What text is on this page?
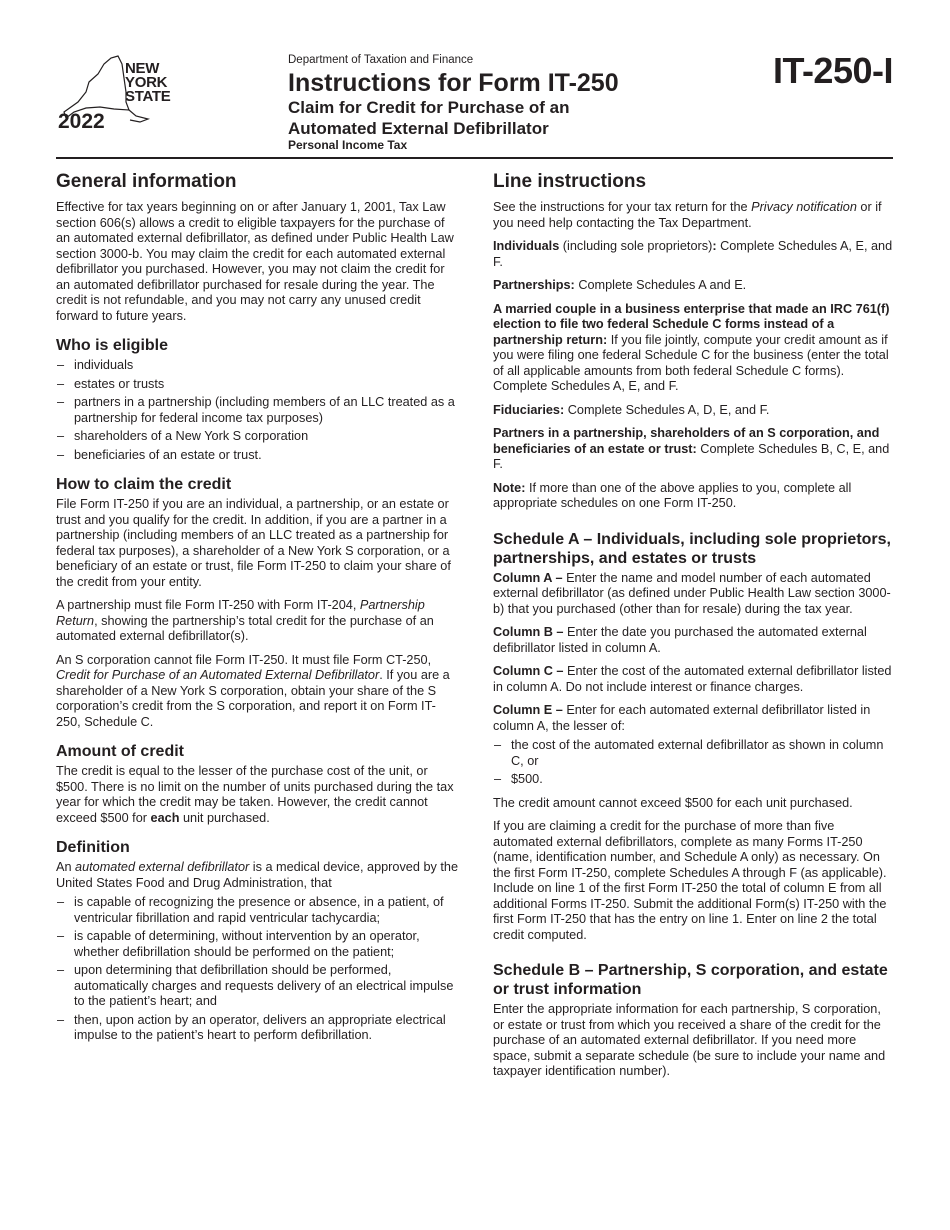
NEW
YORK
STATE
2022
Department of Taxation and Finance
Instructions for Form IT-250
Claim for Credit for Purchase of an Automated External Defibrillator
Personal Income Tax
IT-250-I
General information

Effective for tax years beginning on or after January 1, 2001, Tax Law section 606(s) allows a credit to eligible taxpayers for the purchase of an automated external defibrillator, as defined under Public Health Law section 3000-b. You may claim the credit for each automated external defibrillator you purchased. However, you may not claim the credit for an automated defibrillator purchased for resale during the year. The credit is not refundable, and you may not carry any unused credit forward to future years.

Who is eligible
– individuals
– estates or trusts
– partners in a partnership (including members of an LLC treated as a partnership for federal income tax purposes)
– shareholders of a New York S corporation
– beneficiaries of an estate or trust.
How to claim the credit

File Form IT-250 if you are an individual, a partnership, or an estate or trust and you qualify for the credit. In addition, if you are a partner in a partnership (including members of an LLC treated as a partnership for federal tax purposes), a shareholder of a New York S corporation, or a beneficiary of an estate or trust, file Form IT-250 to claim your share of the credit from your entity.

A partnership must file Form IT-250 with Form IT-204, Partnership Return, showing the partnership’s total credit for the purchase of an automated external defibrillator(s).

An S corporation cannot file Form IT-250. It must file Form CT-250, Credit for Purchase of an Automated External Defibrillator. If you are a shareholder of a New York S corporation, obtain your share of the S corporation’s credit from the S corporation, and report it on Form IT-250, Schedule C.

Amount of credit

The credit is equal to the lesser of the purchase cost of the unit, or $500. There is no limit on the number of units purchased during the tax year for which the credit may be taken. However, the credit cannot exceed $500 for each unit purchased.

Definition

An automated external defibrillator is a medical device, approved by the United States Food and Drug Administration, that

– is capable of recognizing the presence or absence, in a patient, of ventricular fibrillation and rapid ventricular tachycardia;
– is capable of determining, without intervention by an operator, whether defibrillation should be performed on the patient;
– upon determining that defibrillation should be performed, automatically charges and requests delivery of an electrical impulse to the patient’s heart; and
– then, upon action by an operator, delivers an appropriate electrical impulse to the patient’s heart to perform defibrillation.
Line instructions

See the instructions for your tax return for the Privacy notification or if you need help contacting the Tax Department.

Individuals (including sole proprietors): Complete Schedules A, E, and F.

Partnerships: Complete Schedules A and E.

A married couple in a business enterprise that made an IRC 761(f) election to file two federal Schedule C forms instead of a partnership return: If you file jointly, compute your credit amount as if you were filing one federal Schedule C for the business (enter the total of all applicable amounts from both federal Schedule C forms). Complete Schedules A, E, and F.

Fiduciaries: Complete Schedules A, D, E, and F.

Partners in a partnership, shareholders of an S corporation, and beneficiaries of an estate or trust: Complete Schedules B, C, E, and F.

Note: If more than one of the above applies to you, complete all appropriate schedules on one Form IT-250.

Schedule A – Individuals, including sole proprietors, partnerships, and estates or trusts

Column A – Enter the name and model number of each automated external defibrillator (as defined under Public Health Law section 3000-b) that you purchased (other than for resale) during the tax year.

Column B – Enter the date you purchased the automated external defibrillator listed in column A.

Column C – Enter the cost of the automated external defibrillator listed in column A. Do not include interest or finance charges.

Column E – Enter for each automated external defibrillator listed in column A, the lesser of:

– the cost of the automated external defibrillator as shown in column C, or
– $500.

The credit amount cannot exceed $500 for each unit purchased.

If you are claiming a credit for the purchase of more than five automated external defibrillators, complete as many Forms IT-250 (name, identification number, and Schedule A only) as necessary. On the first Form IT-250, complete Schedules A through F (as applicable). Include on line 1 of the first Form IT-250 the total of column E from all additional Forms IT-250. Submit the additional Form(s) IT-250 with the first Form IT-250 that has the entry on line 1. Enter on line 2 the total credit computed.

Schedule B – Partnership, S corporation, and estate or trust information

Enter the appropriate information for each partnership, S corporation, or estate or trust from which you received a share of the credit for the purchase of an automated external defibrillator. If you need more space, submit a separate schedule (be sure to include your name and taxpayer identification number).
